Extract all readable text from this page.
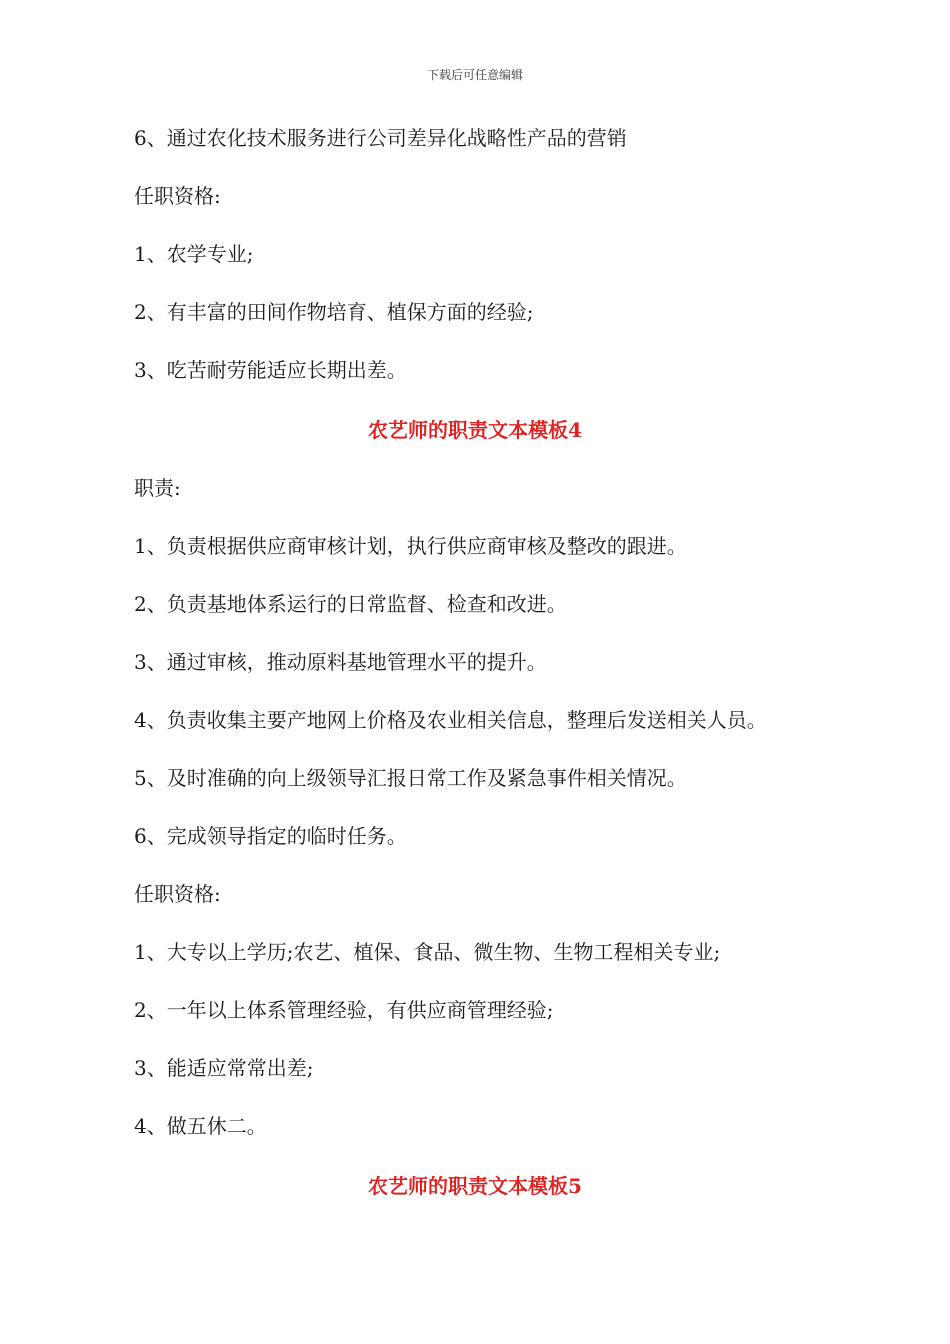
下载后可任意编辑
6、通过农化技术服务进行公司差异化战略性产品的营销
任职资格:
1、农学专业;
2、有丰富的田间作物培育、植保方面的经验;
3、吃苦耐劳能适应长期出差。
农艺师的职责文本模板4
职责:
1、负责根据供应商审核计划，执行供应商审核及整改的跟进。
2、负责基地体系运行的日常监督、检查和改进。
3、通过审核，推动原料基地管理水平的提升。
4、负责收集主要产地网上价格及农业相关信息，整理后发送相关人员。
5、及时准确的向上级领导汇报日常工作及紧急事件相关情况。
6、完成领导指定的临时任务。
任职资格:
1、大专以上学历;农艺、植保、食品、微生物、生物工程相关专业;
2、一年以上体系管理经验，有供应商管理经验;
3、能适应常常出差;
4、做五休二。
农艺师的职责文本模板5
